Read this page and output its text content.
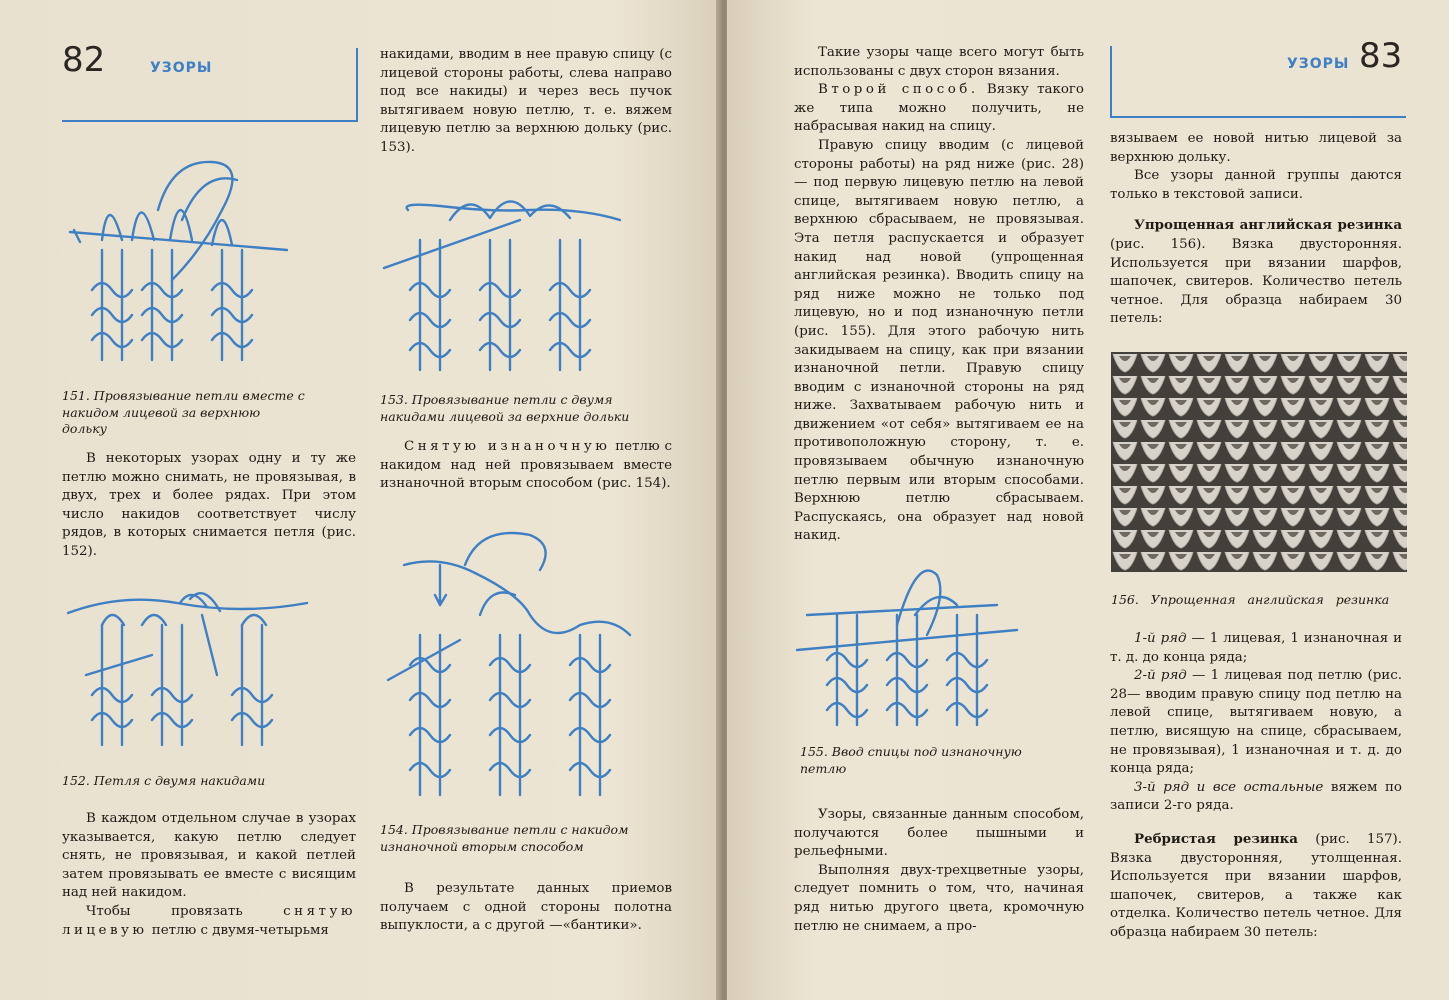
82	УЗОРЫ
151. Провязывание петли вместе с накидом лицевой за верхнюю дольку

В некоторых узорах одну и ту же петлю можно снимать, не провязывая, в двух, трех и более рядах. При этом число накидов соответствует числу рядов, в которых снимается петля (рис. 152).

152. Петля с двумя накидами

В каждом отдельном случае в узорах указывается, какую петлю следует снять, не провязывая, и какой петлей затем провязывать ее вместе с висящим над ней накидом.

Чтобы провязать снятую лицевую петлю с двумя-четырьмя

накидами, вводим в нее правую спицу (с лицевой стороны работы, слева направо под все накиды) и через весь пучок вытягиваем новую петлю, т. е. вяжем лицевую петлю за верхнюю дольку (рис. 153).

153. Провязывание петли с двумя накидами лицевой за верхние дольки

Снятую изнаночную петлю с накидом над ней провязываем вместе изнаночной вторым способом (рис. 154).

154. Провязывание петли с накидом изнаночной вторым способом

В результате данных приемов получаем с одной стороны полотна выпуклости, а с другой —«бантики».

83
УЗОРЫ

Такие узоры чаще всего могут быть использованы с двух сторон вязания.

Второй способ. Вязку такого же типа можно получить, не набрасывая накид на спицу.

Правую спицу вводим (с лицевой стороны работы) на ряд ниже (рис. 28)— под первую лицевую петлю на левой спице, вытягиваем новую петлю, а верхнюю сбрасываем, не провязывая. Эта петля распускается и образует накид над новой (упрощенная английская резинка). Вводить спицу на ряд ниже можно не только под лицевую, но и под изнаночную петли (рис. 155). Для этого рабочую нить закидываем на спицу, как при вязании изнаночной петли. Правую спицу вводим с изнаночной стороны на ряд ниже. Захватываем рабочую нить и движением «от себя» вытягиваем ее на противоположную сторону, т. е. провязываем обычную изнаночную петлю первым или вторым способами. Верхнюю петлю сбрасываем. Распускаясь, она образует над новой накид.

155. Ввод спицы под изнаночную петлю

Узоры, связанные данным способом, получаются более пышными и рельефными.

Выполняя двух-трехцветные узоры, следует помнить о том, что, начиная ряд нитью другого цвета, кромочную петлю не снимаем, а про-

вязываем ее новой нитью лицевой за верхнюю дольку.

Все узоры данной группы даются только в текстовой записи.

Упрощенная английская резинка (рис. 156). Вязка двусторонняя. Используется при вязании шарфов, шапочек, свитеров. Количество петель четное. Для образца набираем 30 петель:

156. Упрощенная английская резинка

1-й ряд — 1 лицевая, 1 изнаночная и т. д. до конца ряда;

2-й ряд — 1 лицевая под петлю (рис. 28— вводим правую спицу под петлю на левой спице, вытягиваем новую, а петлю, висящую на спице, сбрасываем, не провязывая), 1 изнаночная и т. д. до конца ряда;

3-й ряд и все остальные вяжем по записи 2-го ряда.

Ребристая резинка (рис. 157). Вязка двусторонняя, утолщенная. Используется при вязании шарфов, шапочек, свитеров, а также как отделка. Количество петель четное. Для образца набираем 30 петель:
